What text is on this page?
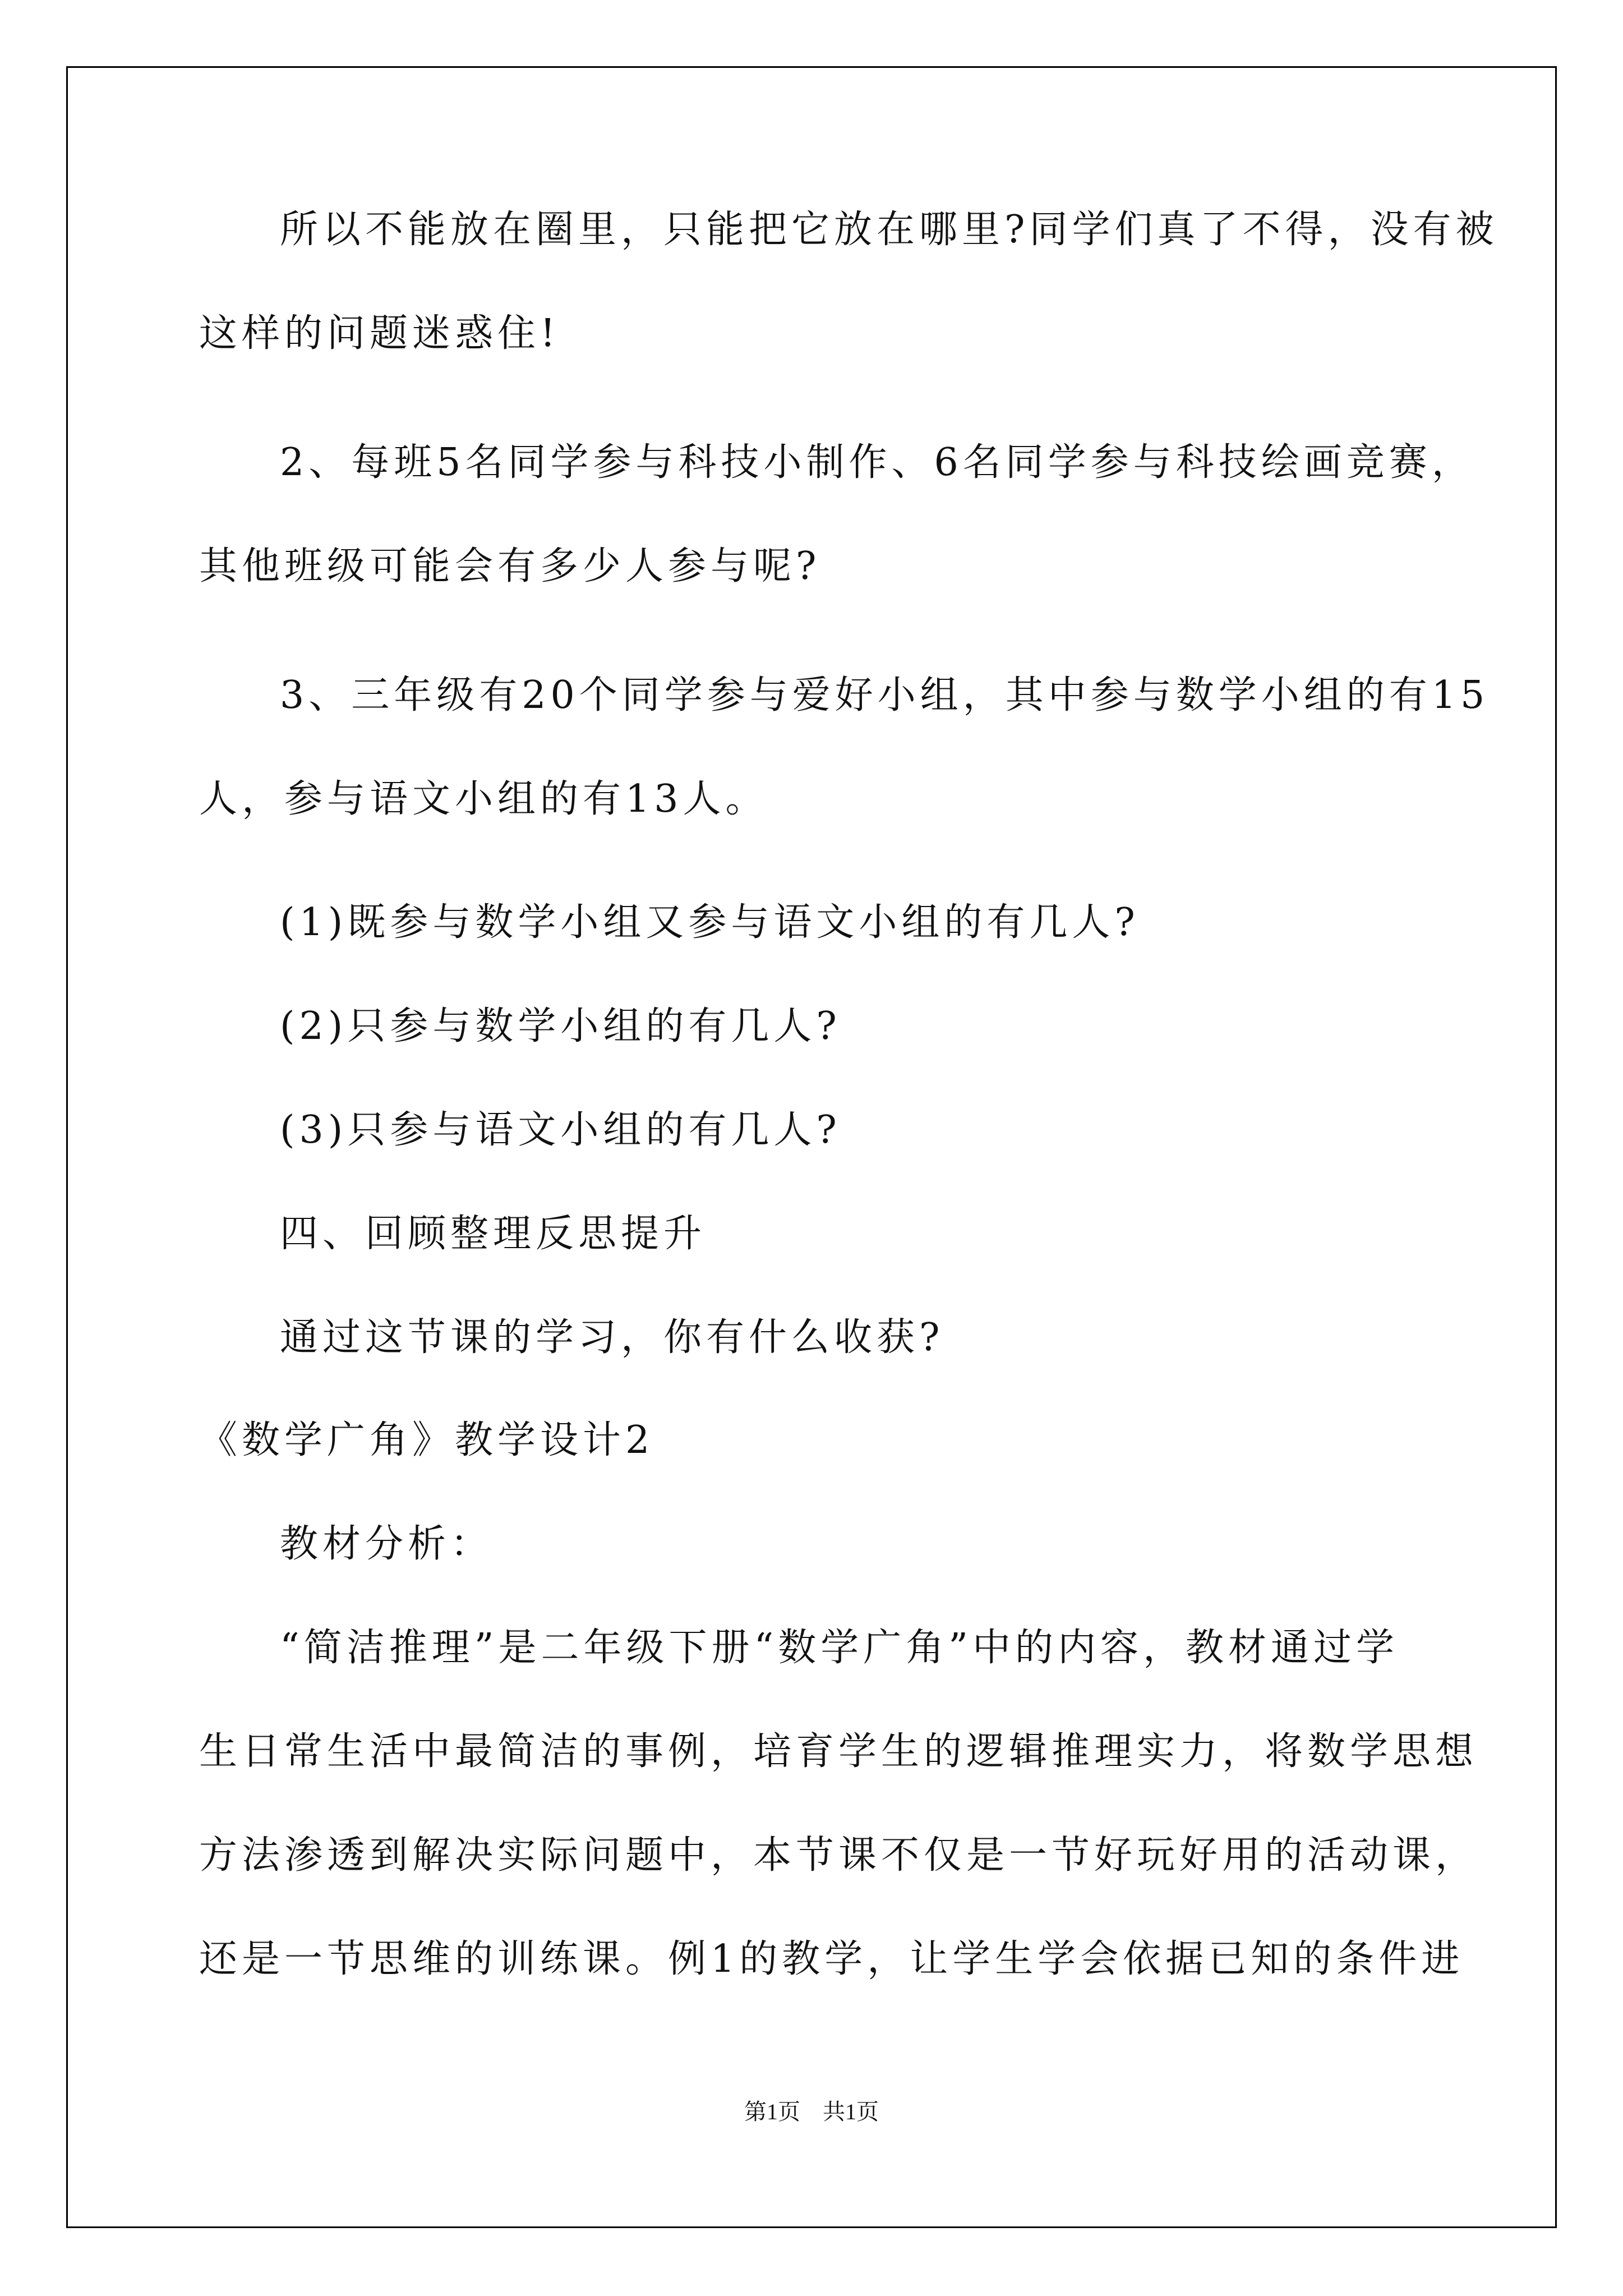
所以不能放在圈里，只能把它放在哪里?同学们真了不得，没有被
这样的问题迷惑住!
2、每班5名同学参与科技小制作、6名同学参与科技绘画竞赛，
其他班级可能会有多少人参与呢?
3、三年级有20个同学参与爱好小组，其中参与数学小组的有15
人，参与语文小组的有13人。
(1)既参与数学小组又参与语文小组的有几人?
(2)只参与数学小组的有几人?
(3)只参与语文小组的有几人?
四、回顾整理反思提升
通过这节课的学习，你有什么收获?
《数学广角》教学设计2
教材分析：
“简洁推理”是二年级下册“数学广角”中的内容，教材通过学
生日常生活中最简洁的事例，培育学生的逻辑推理实力，将数学思想
方法渗透到解决实际问题中，本节课不仅是一节好玩好用的活动课，
还是一节思维的训练课。例1的教学，让学生学会依据已知的条件进
第1页　共1页
